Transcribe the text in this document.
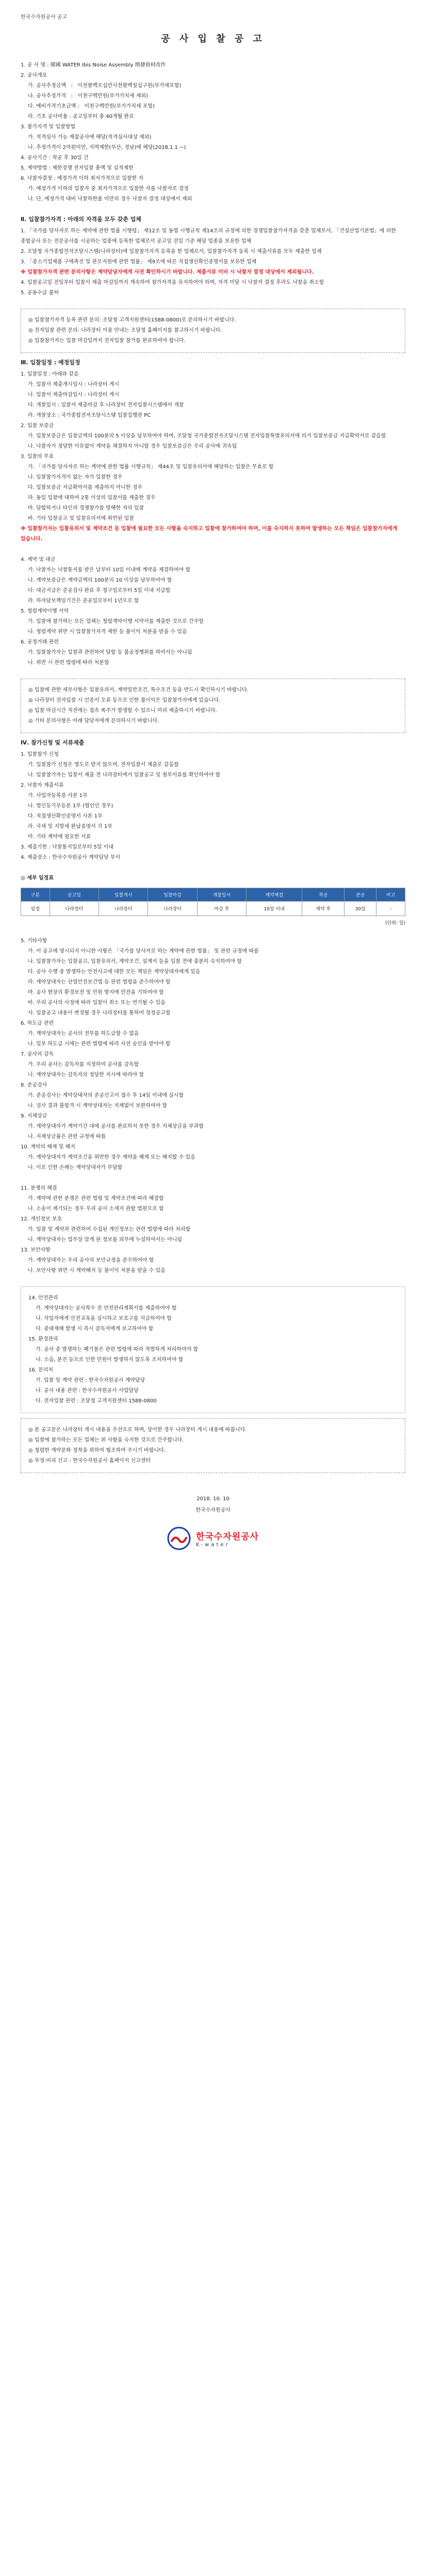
한국수자원공사 공고
공 사 입 찰 공 고
1. 공 사 명 : 韓國 WATER Ibis Noise Assembly 開發資材改作
2. 공사개요
가. 공사추정금액   :   이천팔백오십만사천팔백칠십구원(부가세포함)
나. 공사추정가격   :   이천구백만원(부가가치세 제외)
다. 예비가격기초금액 :   이천구백만원(부가가치세 포함)
라. 기초 공사비율 : 공고일부터 총 40개월 완료
3. 참가자격 및 입찰방법
가. 적격심사 가능 제잡공사에 해당(적격심사대상 제외)
나. 추정가격이 2억원미만, 지역제한(부산, 경남)에 해당(2018.1.1 ~)
4. 공사기간 : 착공 후 30일 간
5. 계약방법 : 제한경쟁 전자입찰 총액 및 실적제한
6. 낙찰자결정 : 예정가격 이하 최저가격으로 입찰한 자
가. 예정가격 이하의 입찰자 중 최저가격으로 입찰한 자를 낙찰자로 결정
나. 단, 예정가격 대비 낙찰하한율 미만의 경우 낙찰자 결정 대상에서 제외
Ⅱ. 입찰참가자격 : 아래의 자격을 모두 갖춘 업체
1. 「국가를 당사자로 하는 계약에 관한 법률 시행령」 제12조 및 동법 시행규칙 제14조의 규정에 의한 경쟁입찰참가자격을 갖춘 업체로서, 「건설산업기본법」에 의한 종합공사 또는 전문공사를 시공하는 업종에 등록한 업체로서 공고일 전일 기준 해당 업종을 보유한 업체
2. 조달청 국가종합전자조달시스템(나라장터)에 입찰참가자격 등록을 한 업체로서, 입찰참가자격 등록 시 제출서류를 모두 제출한 업체
3. 「중소기업제품 구매촉진 및 판로지원에 관한 법률」 제9조에 따른 직접생산확인증명서를 보유한 업체
※ 입찰참가자격 관련 문의사항은 계약담당자에게 사전 확인하시기 바랍니다. 제출서류 미비 시 낙찰자 결정 대상에서 제외됩니다.
4. 입찰공고일 전일부터 입찰서 제출 마감일까지 계속하여 참가자격을 유지하여야 하며, 자격 미달 시 낙찰자 결정 후라도 낙찰을 취소함
5. 공동수급 불허
◎ 입찰참가자격 등록 관련 문의: 조달청 고객지원센터(1588-0800)로 문의하시기 바랍니다.
◎ 전자입찰 관련 문의: 나라장터 이용 안내는 조달청 홈페이지를 참고하시기 바랍니다.
◎ 입찰참가자는 입찰 마감일까지 전자입찰 참가를 완료하여야 합니다.
Ⅲ. 입찰일정 : 예정일정
1. 입찰일정 : 아래와 같음
가. 입찰서 제출개시일시 : 나라장터 게시
나. 입찰서 제출마감일시 : 나라장터 게시
다. 개찰일시 : 입찰서 제출마감 후 나라장터 전자입찰시스템에서 개찰
라. 개찰장소 : 국가종합전자조달시스템 입찰집행관 PC
2. 입찰 보증금
가. 입찰보증금은 입찰금액의 100분의 5 이상을 납부하여야 하며, 조달청 국가종합전자조달시스템 전자입찰특별유의서에 의거 입찰보증금 지급확약서로 갈음함
나. 낙찰자가 정당한 이유없이 계약을 체결하지 아니할 경우 입찰보증금은 우리 공사에 귀속됨
3. 입찰의 무효
가. 「국가를 당사자로 하는 계약에 관한 법률 시행규칙」 제44조 및 입찰유의서에 해당하는 입찰은 무효로 함
나. 입찰참가자격이 없는 자가 입찰한 경우
다. 입찰보증금 지급확약서를 제출하지 아니한 경우
라. 동일 입찰에 대하여 2통 이상의 입찰서를 제출한 경우
마. 담합하거나 타인의 경쟁참가를 방해한 자의 입찰
바. 기타 입찰공고 및 입찰유의서에 위반된 입찰
※ 입찰참가자는 입찰유의서 및 계약조건 등 입찰에 필요한 모든 사항을 숙지하고 입찰에 참가하여야 하며, 이를 숙지하지 못하여 발생하는 모든 책임은 입찰참가자에게 있습니다.
4. 계약 및 대금
가. 낙찰자는 낙찰통지를 받은 날부터 10일 이내에 계약을 체결하여야 함
나. 계약보증금은 계약금액의 100분의 10 이상을 납부하여야 함
다. 대금지급은 준공검사 완료 후 청구일로부터 5일 이내 지급함
라. 하자담보책임기간은 준공일로부터 1년으로 함
5. 청렴계약이행 서약
가. 입찰에 참가하는 모든 업체는 청렴계약이행 서약서를 제출한 것으로 간주함
나. 청렴계약 위반 시 입찰참가자격 제한 등 불이익 처분을 받을 수 있음
6. 공정거래 관련
가. 입찰참가자는 입찰과 관련하여 담합 등 불공정행위를 하여서는 아니됨
나. 위반 시 관련 법령에 따라 처분함
◎ 입찰에 관한 세부사항은 입찰유의서, 계약일반조건, 특수조건 등을 반드시 확인하시기 바랍니다.
◎ 나라장터 전자입찰 시 인증서 오류 등으로 인한 불이익은 입찰참가자에게 있습니다.
◎ 입찰 마감시간 직전에는 접속 폭주가 발생할 수 있으니 미리 제출하시기 바랍니다.
◎ 기타 문의사항은 아래 담당자에게 문의하시기 바랍니다.
Ⅳ. 참가신청 및 서류제출
1. 입찰참가 신청
가. 입찰참가 신청은 별도로 받지 않으며, 전자입찰서 제출로 갈음함
나. 입찰참가자는 입찰서 제출 전 나라장터에서 입찰공고 및 첨부서류를 확인하여야 함
2. 낙찰자 제출서류
가. 사업자등록증 사본 1부
나. 법인등기부등본 1부 (법인인 경우)
다. 직접생산확인증명서 사본 1부
라. 국세 및 지방세 완납증명서 각 1부
마. 기타 계약에 필요한 서류
3. 제출기한 : 낙찰통지일로부터 5일 이내
4. 제출장소 : 한국수자원공사 계약담당 부서
◎ 세부 일정표
구분	공고일	입찰개시	입찰마감	개찰일시	계약체결	착공	준공	비고
일정	나라장터	나라장터	나라장터	마감 후	10일 이내	계약 후	30일	-
(단위: 일)
5. 기타사항
가. 이 공고에 명시되지 아니한 사항은 「국가를 당사자로 하는 계약에 관한 법률」 및 관련 규정에 따름
나. 입찰참가자는 입찰공고, 입찰유의서, 계약조건, 설계서 등을 입찰 전에 충분히 숙지하여야 함
다. 공사 수행 중 발생하는 안전사고에 대한 모든 책임은 계약상대자에게 있음
라. 계약상대자는 산업안전보건법 등 관련 법령을 준수하여야 함
마. 공사 현장의 환경보전 및 민원 방지에 만전을 기하여야 함
바. 우리 공사의 사정에 따라 입찰이 취소 또는 연기될 수 있음
사. 입찰공고 내용이 변경될 경우 나라장터를 통하여 정정공고함
6. 하도급 관련
가. 계약상대자는 공사의 전부를 하도급할 수 없음
나. 일부 하도급 시에는 관련 법령에 따라 사전 승인을 받아야 함
7. 공사의 감독
가. 우리 공사는 감독자를 지정하여 공사를 감독함
나. 계약상대자는 감독자의 정당한 지시에 따라야 함
8. 준공검사
가. 준공검사는 계약상대자의 준공신고서 접수 후 14일 이내에 실시함
나. 검사 결과 불합격 시 계약상대자는 지체없이 보완하여야 함
9. 지체상금
가. 계약상대자가 계약기간 내에 공사를 완료하지 못한 경우 지체상금을 부과함
나. 지체상금률은 관련 규정에 따름
10. 계약의 해제 및 해지
가. 계약상대자가 계약조건을 위반한 경우 계약을 해제 또는 해지할 수 있음
나. 이로 인한 손해는 계약상대자가 부담함
11. 분쟁의 해결
가. 계약에 관한 분쟁은 관련 법령 및 계약조건에 따라 해결함
나. 소송이 제기되는 경우 우리 공사 소재지 관할 법원으로 함
12. 개인정보 보호
가. 입찰 및 계약과 관련하여 수집된 개인정보는 관련 법령에 따라 처리함
나. 계약상대자는 업무상 알게 된 정보를 외부에 누설하여서는 아니됨
13. 보안사항
가. 계약상대자는 우리 공사의 보안규정을 준수하여야 함
나. 보안사항 위반 시 계약해지 등 불이익 처분을 받을 수 있음
14. 안전관리
가. 계약상대자는 공사착수 전 안전관리계획서를 제출하여야 함
나. 작업자에게 안전교육을 실시하고 보호구를 지급하여야 함
다. 중대재해 발생 시 즉시 감독자에게 보고하여야 함
15. 환경관리
가. 공사 중 발생하는 폐기물은 관련 법령에 따라 적법하게 처리하여야 함
나. 소음, 분진 등으로 인한 민원이 발생하지 않도록 조치하여야 함
16. 문의처
가. 입찰 및 계약 관련 : 한국수자원공사 계약담당
나. 공사 내용 관련 : 한국수자원공사 사업담당
다. 전자입찰 관련 : 조달청 고객지원센터 1588-0800
◎ 본 공고문은 나라장터 게시 내용을 우선으로 하며, 상이한 경우 나라장터 게시 내용에 따릅니다.
◎ 입찰에 참가하는 모든 업체는 위 사항을 숙지한 것으로 간주합니다.
◎ 청렴한 계약문화 정착을 위하여 협조하여 주시기 바랍니다.
◎ 부정·비리 신고 : 한국수자원공사 홈페이지 신고센터
2018. 10. 10
한국수자원공사
한국수자원공사
K-water
